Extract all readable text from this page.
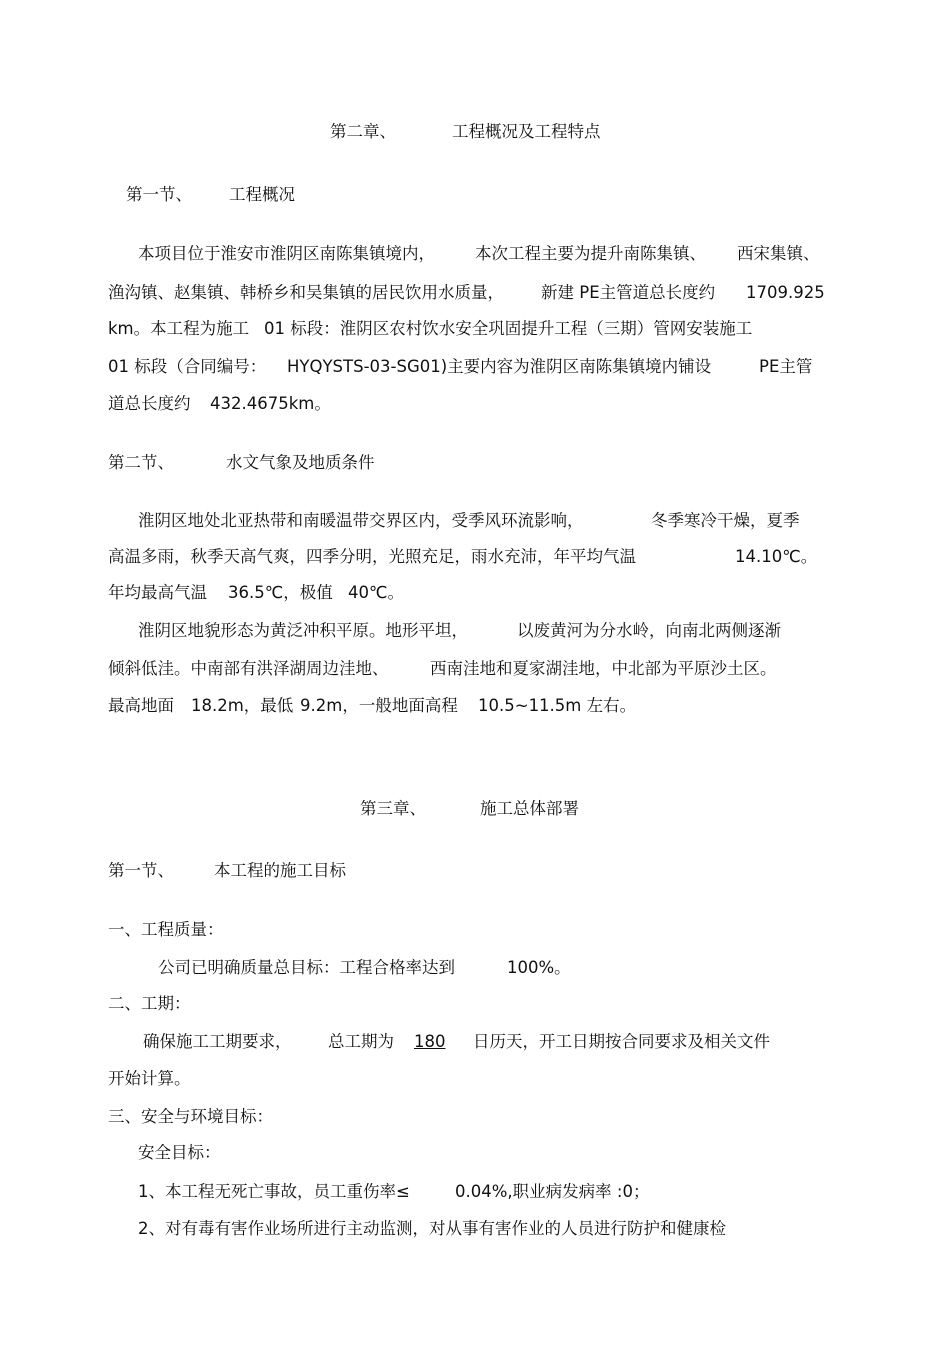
第二章、	工程概况及工程特点
第一节、 工程概况
本项目位于淮安市淮阴区南陈集镇境内， 本次工程主要为提升南陈集镇、 西宋集镇、
渔沟镇、赵集镇、韩桥乡和吴集镇的居民饮用水质量， 新建 PE主管道总长度约 1709.925
km。本工程为施工 01 标段：淮阴区农村饮水安全巩固提升工程（三期）管网安装施工
01 标段（合同编号： HYQYSTS-03-SG01)主要内容为淮阴区南陈集镇境内铺设	PE主管
道总长度约 432.4675km。
第二节、	水文气象及地质条件
淮阴区地处北亚热带和南暖温带交界区内，受季风环流影响，	冬季寒冷干燥，夏季
高温多雨，秋季天高气爽，四季分明，光照充足，雨水充沛，年平均气温	14.10℃。
年均最高气温 36.5℃，极值 40℃。
淮阴区地貌形态为黄泛冲积平原。地形平坦，	以废黄河为分水岭，向南北两侧逐渐
倾斜低洼。中南部有洪泽湖周边洼地、	西南洼地和夏家湖洼地，中北部为平原沙土区。
最高地面 18.2m，最低 9.2m，一般地面高程 10.5~11.5m 左右。
第三章、	施工总体部署
第一节、 本工程的施工目标
一、工程质量：
公司已明确质量总目标：工程合格率达到	100%。
二、工期：
确保施工工期要求， 总工期为	180	日历天，开工日期按合同要求及相关文件
开始计算。
三、安全与环境目标：
安全目标：
1、本工程无死亡事故，员工重伤率≤	0.04%,职业病发病率 :0；
2、对有毒有害作业场所进行主动监测，对从事有害作业的人员进行防护和健康检
